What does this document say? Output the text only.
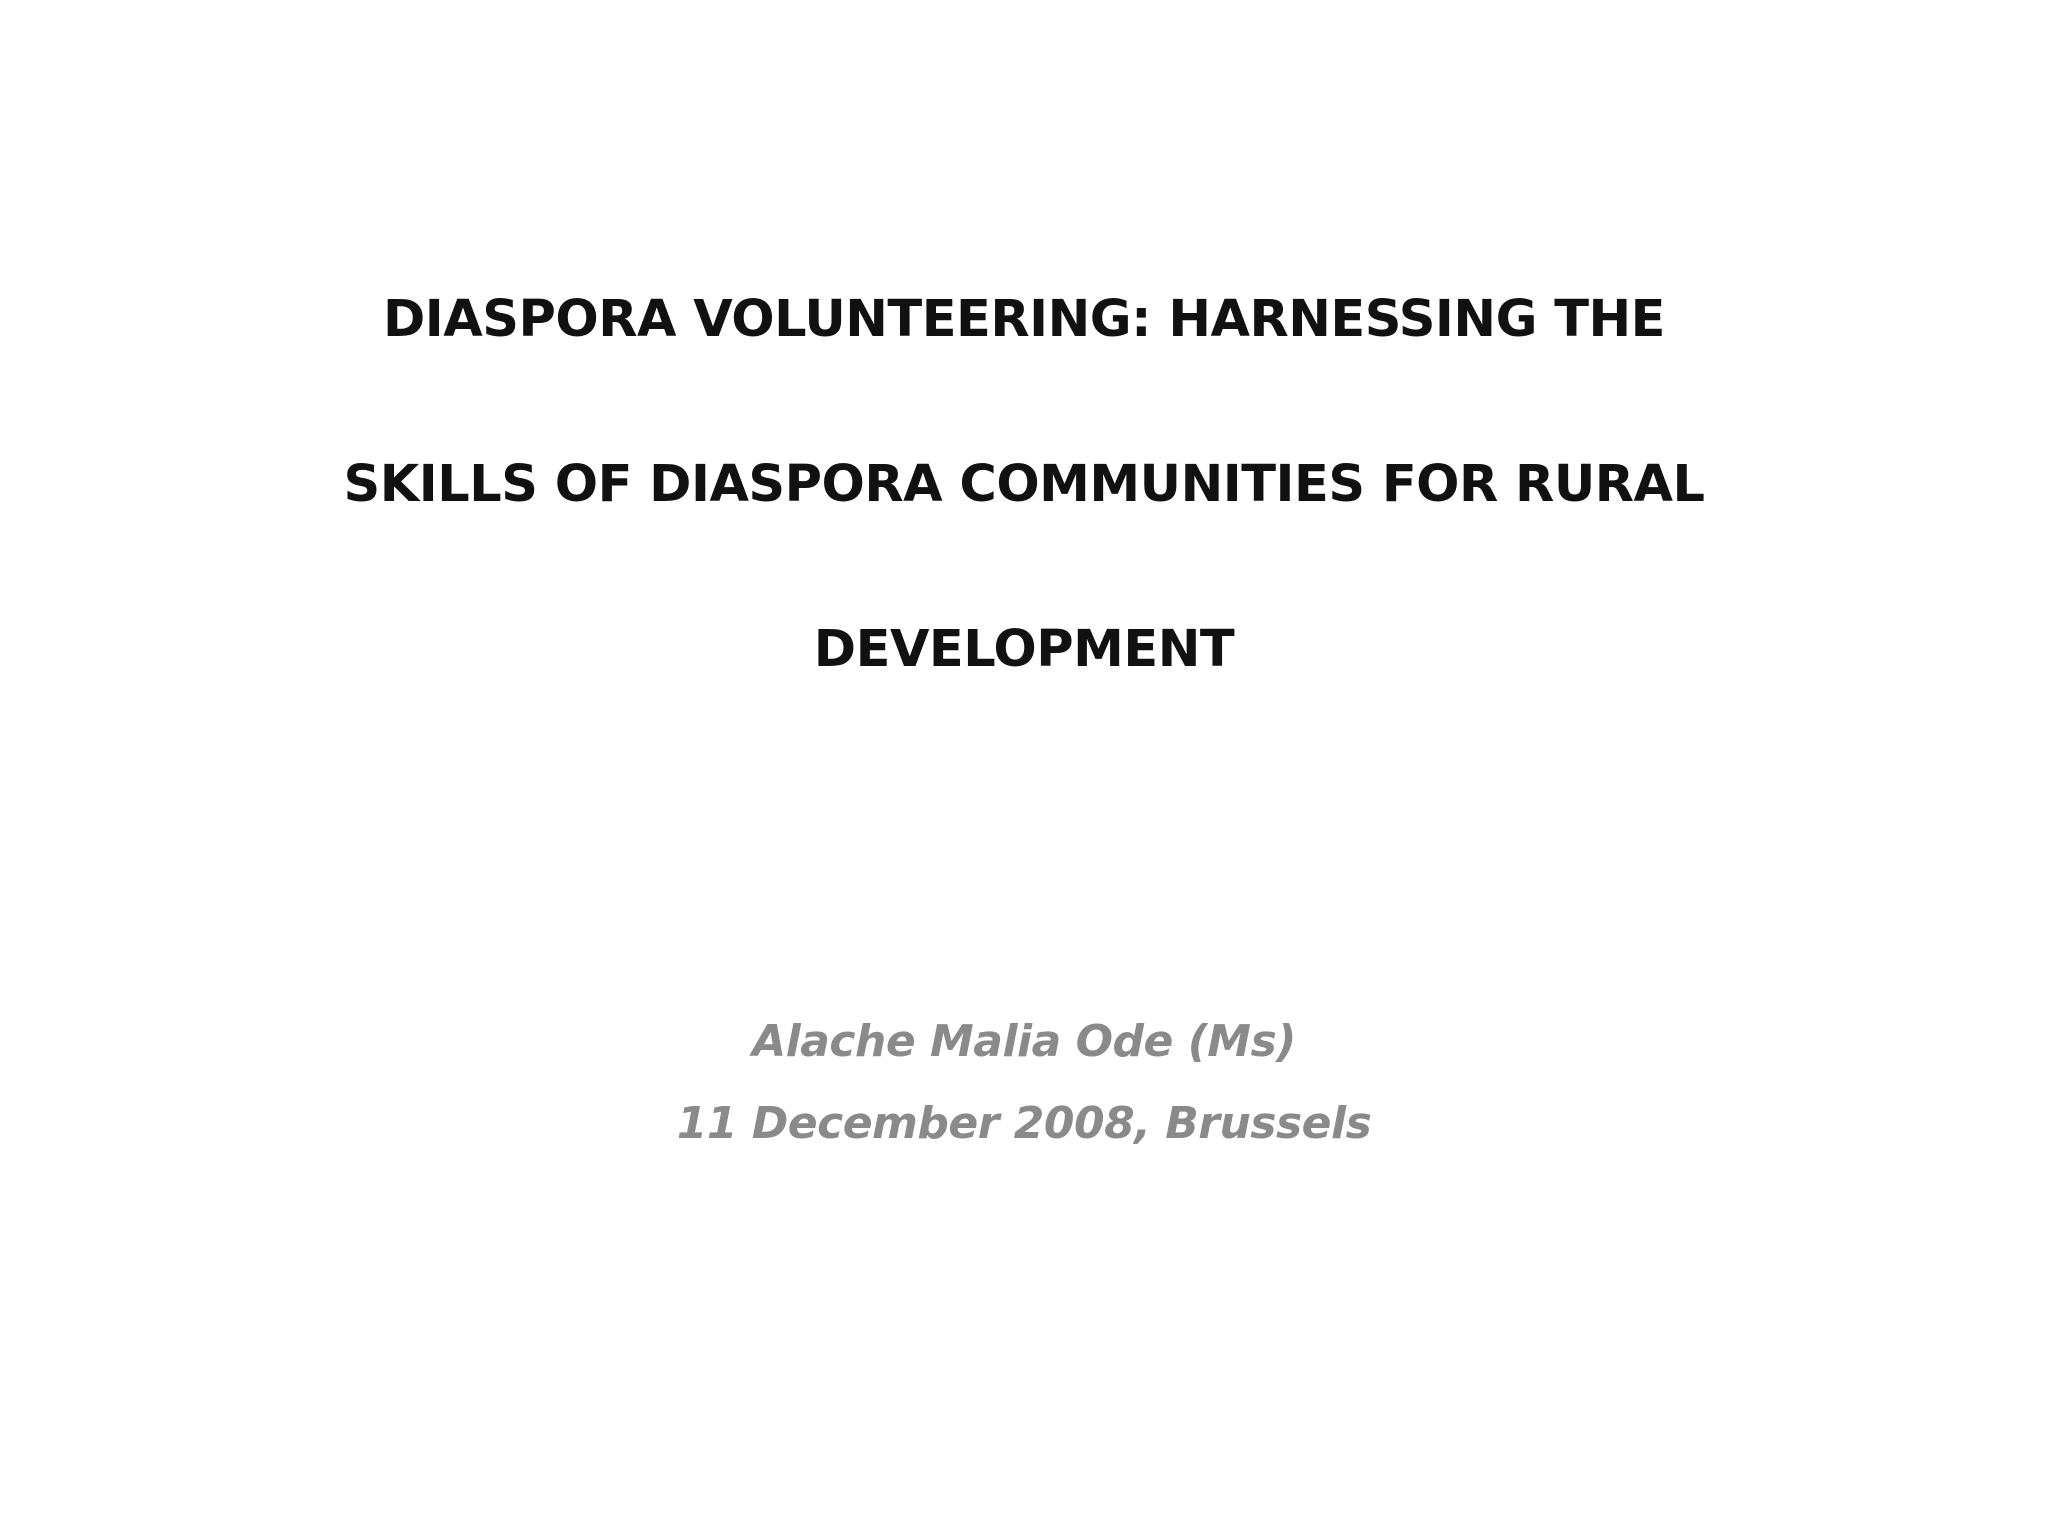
DIASPORA VOLUNTEERING: HARNESSING THE
SKILLS OF DIASPORA COMMUNITIES FOR RURAL
DEVELOPMENT
Alache Malia Ode (Ms)
11 December 2008, Brussels
